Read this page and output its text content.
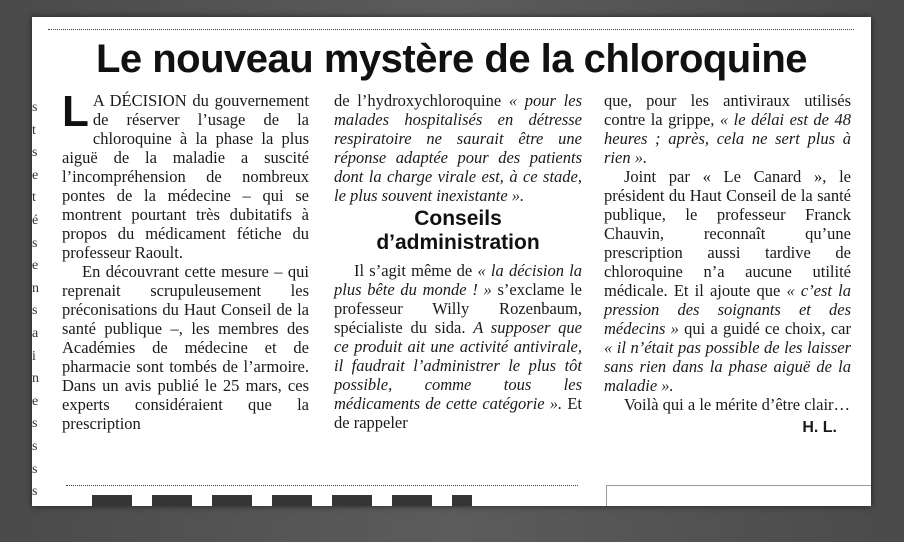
Le nouveau mystère de la chloroquine
s
t
s
e
t
é
s
e
n
s
a
i
n
e
s
s
s
s

L A DÉCISION du gouvernement de réserver l’usage de la chloroquine à la phase la plus aiguë de la maladie a suscité l’incompréhension de nombreux pontes de la médecine – qui se montrent pourtant très dubitatifs à propos du médicament fétiche du professeur Raoult.

En découvrant cette mesure – qui reprenait scrupuleusement les préconisations du Haut Conseil de la santé publique –, les membres des Académies de médecine et de pharmacie sont tombés de l’armoire. Dans un avis publié le 25 mars, ces experts considéraient que la prescription

de l’hydroxychloroquine « pour les malades hospitalisés en détresse respiratoire ne saurait être une réponse adaptée pour des patients dont la charge virale est, à ce stade, le plus souvent inexistante ».

Conseils d’administration

Il s’agit même de « la décision la plus bête du monde ! » s’exclame le professeur Willy Rozenbaum, spécialiste du sida. A supposer que ce produit ait une activité antivirale, il faudrait l’administrer le plus tôt possible, comme tous les médicaments de cette catégorie ». Et de rappeler

que, pour les antiviraux utilisés contre la grippe, « le délai est de 48 heures ; après, cela ne sert plus à rien ».

Joint par « Le Canard », le président du Haut Conseil de la santé publique, le professeur Franck Chauvin, reconnaît qu’une prescription aussi tardive de chloroquine n’a aucune utilité médicale. Et il ajoute que « c’est la pression des soignants et des médecins » qui a guidé ce choix, car « il n’était pas possible de les laisser sans rien dans la phase aiguë de la maladie ».

Voilà qui a le mérite d’être clair…

H. L.
